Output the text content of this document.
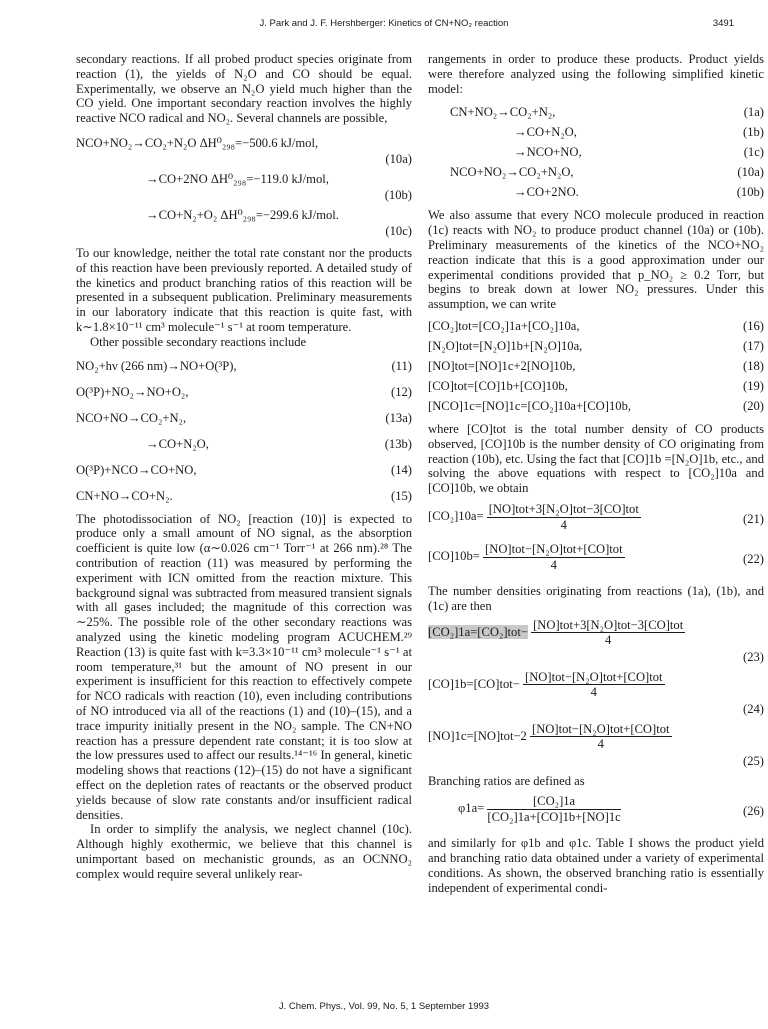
J. Park and J. F. Hershberger: Kinetics of CN+NO₂ reaction	3491

secondary reactions. If all probed product species originate from reaction (1), the yields of N₂O and CO should be equal. Experimentally, we observe an N₂O yield much higher than the CO yield. One important secondary reaction involves the highly reactive NCO radical and NO₂. Several channels are possible,

NCO+NO₂→CO₂+N₂O ΔH⁰₂₉₈=−500.6 kJ/mol,
(10a)
→CO+2NO ΔH⁰₂₉₈=−119.0 kJ/mol,
(10b)
→CO+N₂+O₂ ΔH⁰₂₉₈=−299.6 kJ/mol.
(10c)

To our knowledge, neither the total rate constant nor the products of this reaction have been previously reported. A detailed study of the kinetics and product branching ratios of this reaction will be presented in a subsequent publication. Preliminary measurements in our laboratory indicate that this reaction is quite fast, with k∼1.8×10⁻¹¹ cm³ molecule⁻¹ s⁻¹ at room temperature.

Other possible secondary reactions include

NO₂+hν (266 nm)→NO+O(³P),	(11)
O(³P)+NO₂→NO+O₂,	(12)
NCO+NO→CO₂+N₂,	(13a)
→CO+N₂O,	(13b)
O(³P)+NCO→CO+NO,	(14)
CN+NO→CO+N₂.	(15)

The photodissociation of NO₂ [reaction (10)] is expected to produce only a small amount of NO signal, as the absorption coefficient is quite low (α∼0.026 cm⁻¹ Torr⁻¹ at 266 nm).²⁸ The contribution of reaction (11) was measured by performing the experiment with ICN omitted from the reaction mixture. This background signal was subtracted from measured transient signals with all gases included; the magnitude of this correction was ∼25%. The possible role of the other secondary reactions was analyzed using the kinetic modeling program ACUCHEM.²⁹ Reaction (13) is quite fast with k=3.3×10⁻¹¹ cm³ molecule⁻¹ s⁻¹ at room temperature,³¹ but the amount of NO present in our experiment is insufficient for this reaction to effectively compete for NCO radicals with reaction (10), even including contributions of NO introduced via all of the reactions (1) and (10)–(15), and a trace impurity initially present in the NO₂ sample. The CN+NO reaction has a pressure dependent rate constant; it is too slow at the low pressures used to affect our results.¹⁴⁻¹⁶ In general, kinetic modeling shows that reactions (12)–(15) do not have a significant effect on the depletion rates of reactants or the observed product yields because of slow rate constants and/or insufficient radical densities.

In order to simplify the analysis, we neglect channel (10c). Although highly exothermic, we believe that this channel is unimportant based on mechanistic grounds, as an OCNNO₂ complex would require several unlikely rear-

rangements in order to produce these products. Product yields were therefore analyzed using the following simplified kinetic model:

CN+NO₂→CO₂+N₂,	(1a)
→CO+N₂O,	(1b)
→NCO+NO,	(1c)
NCO+NO₂→CO₂+N₂O,	(10a)
→CO+2NO.	(10b)

We also assume that every NCO molecule produced in reaction (1c) reacts with NO₂ to produce product channel (10a) or (10b). Preliminary measurements of the kinetics of the NCO+NO₂ reaction indicate that this is a good approximation under our experimental conditions provided that p_NO₂ ≥ 0.2 Torr, but begins to break down at lower NO₂ pressures. Under this assumption, we can write

[CO₂]tot=[CO₂]1a+[CO₂]10a,	(16)
[N₂O]tot=[N₂O]1b+[N₂O]10a,	(17)
[NO]tot=[NO]1c+2[NO]10b,	(18)
[CO]tot=[CO]1b+[CO]10b,	(19)
[NCO]1c=[NO]1c=[CO₂]10a+[CO]10b,	(20)

where [CO]tot is the total number density of CO products observed, [CO]10b is the number density of CO originating from reaction (10b), etc. Using the fact that [CO]1b =[N₂O]1b, etc., and solving the above equations with respect to [CO₂]10a and [CO]10b, we obtain

$[CO_2]10a= \frac{\text{[NO]tot+3[N₂O]tot−3[CO]tot}}{4}$	(21)
$[CO]10b= \frac{\text{[NO]tot−[N₂O]tot+[CO]tot}}{4}$	(22)

The number densities originating from reactions (1a), (1b), and (1c) are then

$[CO_2]1a=[CO_2]tot- \frac{\text{[NO]tot+3[N₂O]tot−3[CO]tot}}{4}$
(23)
$[CO]1b=[CO]tot- \frac{\text{[NO]tot−[N₂O]tot+[CO]tot}}{4}$
(24)
$[NO]1c=[NO]tot-2 \frac{\text{[NO]tot−[N₂O]tot+[CO]tot}}{4}$
(25)

Branching ratios are defined as

$\varphi 1a= \frac{\text{[CO₂]1a}}{\text{[CO₂]1a+[CO]1b+[NO]1c}}$	(26)

and similarly for φ1b and φ1c. Table I shows the product yield and branching ratio data obtained under a variety of experimental conditions. As shown, the observed branching ratio is essentially independent of experimental condi-

J. Chem. Phys., Vol. 99, No. 5, 1 September 1993
